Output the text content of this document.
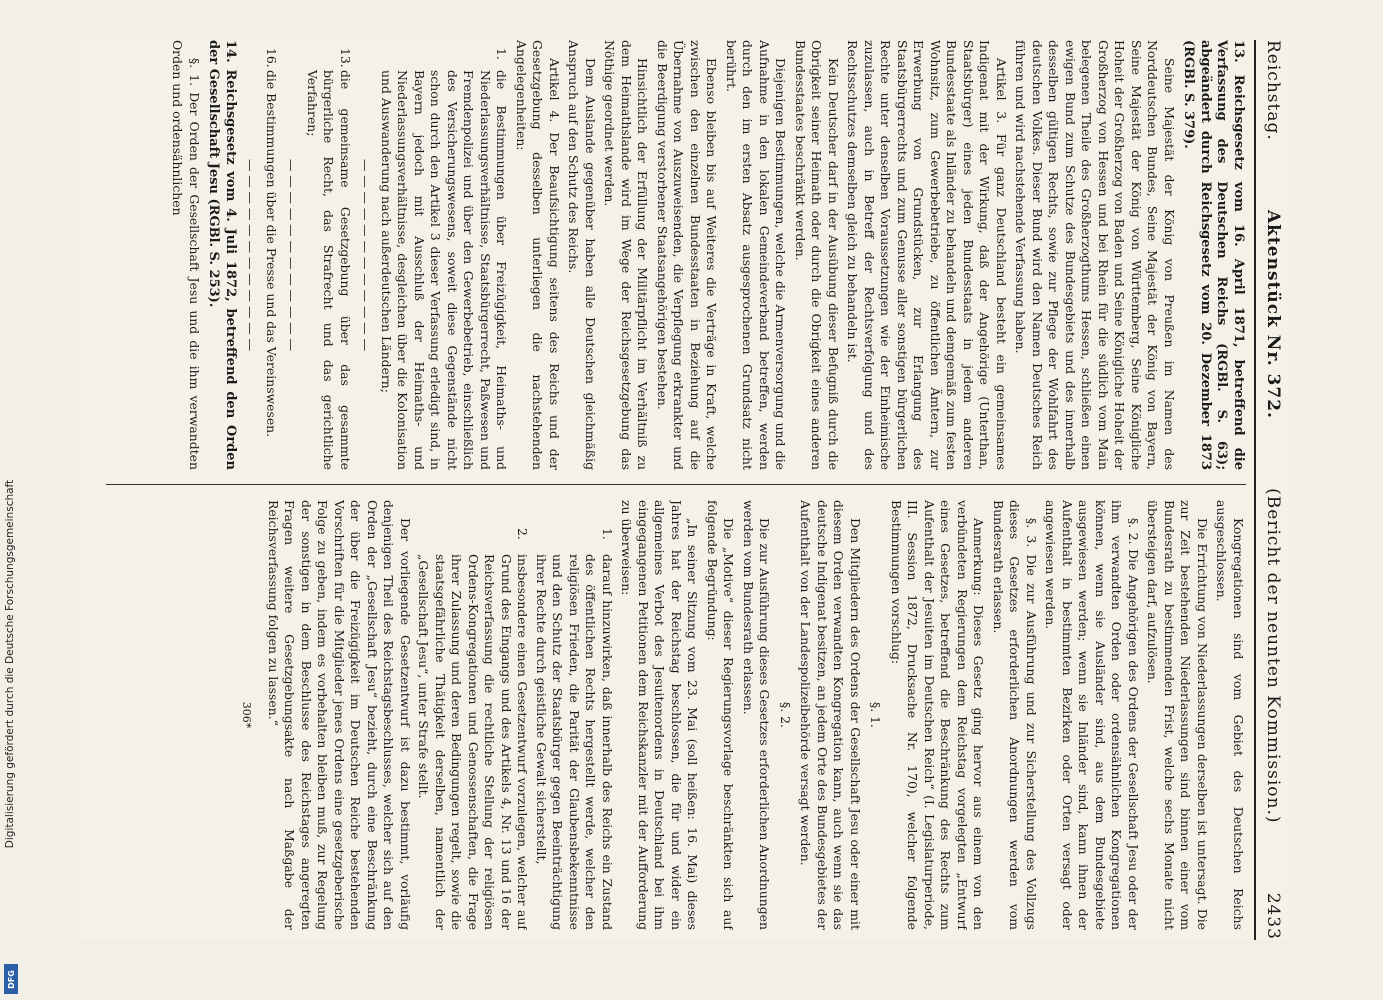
Digitalisierung gefördert durch die Deutsche Forschungsgemeinschaft
DFG
Reichstag.
Aktenstück Nr. 372.
(Bericht der neunten Kommission.)
2433

13. Reichsgesetz vom 16. April 1871, betreffend die Verfassung des Deutschen Reichs (RGBl. S. 63); abgeändert durch Reichsgesetz vom 20. Dezember 1873 (RGBl. S. 379).

Seine Majestät der König von Preußen im Namen des Norddeutschen Bundes, Seine Majestät der König von Bayern, Seine Majestät der König von Württemberg, Seine Königliche Hoheit der Großherzog von Baden und Seine Königliche Hoheit der Großherzog von Hessen und bei Rhein für die südlich vom Main belegenen Theile des Großherzogthums Hessen, schließen einen ewigen Bund zum Schutze des Bundesgebiets und des innerhalb desselben gültigen Rechts, sowie zur Pflege der Wohlfahrt des deutschen Volkes. Dieser Bund wird den Namen Deutsches Reich führen und wird nachstehende Verfassung haben.

Artikel 3. Für ganz Deutschland besteht ein gemeinsames Indigenat mit der Wirkung, daß der Angehörige (Unterthan, Staatsbürger) eines jeden Bundesstaats in jedem anderen Bundesstaate als Inländer zu behandeln und demgemäß zum festen Wohnsitz, zum Gewerbebetriebe, zu öffentlichen Ämtern, zur Erwerbung von Grundstücken, zur Erlangung des Staatsbürgerrechts und zum Genusse aller sonstigen bürgerlichen Rechte unter denselben Voraussetzungen wie der Einheimische zuzulassen, auch in Betreff der Rechtsverfolgung und des Rechtsschutzes demselben gleich zu behandeln ist.

Kein Deutscher darf in der Ausübung dieser Befugniß durch die Obrigkeit seiner Heimath oder durch die Obrigkeit eines anderen Bundesstaates beschränkt werden.

Diejenigen Bestimmungen, welche die Armenversorgung und die Aufnahme in den lokalen Gemeindeverband betreffen, werden durch den im ersten Absatz ausgesprochenen Grundsatz nicht berührt.

Ebenso bleiben bis auf Weiteres die Verträge in Kraft, welche zwischen den einzelnen Bundesstaaten in Beziehung auf die Übernahme von Auszuweisenden, die Verpflegung erkrankter und die Beerdigung verstorbener Staatsangehörigen bestehen.

Hinsichtlich der Erfüllung der Militärpflicht im Verhältniß zu dem Heimathslande wird im Wege der Reichsgesetzgebung das Nöthige geordnet werden.

Dem Auslande gegenüber haben alle Deutschen gleichmäßig Anspruch auf den Schutz des Reichs.

Artikel 4. Der Beaufsichtigung seitens des Reichs und der Gesetzgebung desselben unterliegen die nachstehenden Angelegenheiten:

1.
die Bestimmungen über Freizügigkeit, Heimaths- und Niederlassungsverhältnisse, Staatsbürgerrecht, Paßwesen und Fremdenpolizei und über den Gewerbebetrieb, einschließlich des Versicherungswesens, soweit diese Gegenstände nicht schon durch den Artikel 3 dieser Verfassung erledigt sind, in Bayern jedoch mit Ausschluß der Heimaths- und Niederlassungsverhältnisse, desgleichen über die Kolonisation und Auswanderung nach außerdeutschen Ländern;

— — — — — — — — — — — —

13.
die gemeinsame Gesetzgebung über das gesammte bürgerliche Recht, das Strafrecht und das gerichtliche Verfahren;

— — — — — — — — — — — —

16.
die Bestimmungen über die Presse und das Vereinswesen.

— — — — — — — — — — — —

14. Reichsgesetz vom 4. Juli 1872, betreffend den Orden der Gesellschaft Jesu (RGBl. S. 253).

§. 1. Der Orden der Gesellschaft Jesu und die ihm verwandten Orden und ordensähnlichen

Kongregationen sind vom Gebiet des Deutschen Reichs ausgeschlossen.

Die Errichtung von Niederlassungen derselben ist untersagt. Die zur Zeit bestehenden Niederlassungen sind binnen einer vom Bundesrath zu bestimmenden Frist, welche sechs Monate nicht übersteigen darf, aufzulösen.

§. 2. Die Angehörigen des Ordens der Gesellschaft Jesu oder der ihm verwandten Orden oder ordensähnlichen Kongregationen können, wenn sie Ausländer sind, aus dem Bundesgebiete ausgewiesen werden; wenn sie Inländer sind, kann ihnen der Aufenthalt in bestimmten Bezirken oder Orten versagt oder angewiesen werden.

§. 3. Die zur Ausführung und zur Sicherstellung des Vollzugs dieses Gesetzes erforderlichen Anordnungen werden vom Bundesrath erlassen.

Anmerkung: Dieses Gesetz ging hervor aus einem von den verbündeten Regierungen dem Reichstag vorgelegten „Entwurf eines Gesetzes, betreffend die Beschränkung des Rechts zum Aufenthalt der Jesuiten im Deutschen Reich“ (I. Legislaturperiode, III. Session 1872, Drucksache Nr. 170), welcher folgende Bestimmungen vorschlug:

§. 1.

Den Mitgliedern des Ordens der Gesellschaft Jesu oder einer mit diesem Orden verwandten Kongregation kann, auch wenn sie das deutsche Indigenat besitzen, an jedem Orte des Bundesgebietes der Aufenthalt von der Landespolizeibehörde versagt werden.

§. 2.

Die zur Ausführung dieses Gesetzes erforderlichen Anordnungen werden vom Bundesrath erlassen.

Die „Motive“ dieser Regierungsvorlage beschränkten sich auf folgende Begründung:

„In seiner Sitzung vom 23. Mai (soll heißen: 16. Mai) dieses Jahres hat der Reichstag beschlossen, die für und wider ein allgemeines Verbot des Jesuitenordens in Deutschland bei ihm eingegangenen Petitionen dem Reichskanzler mit der Aufforderung zu überweisen:

1.
darauf hinzuwirken, daß innerhalb des Reichs ein Zustand des öffentlichen Rechts hergestellt werde, welcher den religiösen Frieden, die Parität der Glaubensbekenntnisse und den Schutz der Staatsbürger gegen Beeinträchtigung ihrer Rechte durch geistliche Gewalt sicherstellt,

2.
insbesondere einen Gesetzentwurf vorzulegen, welcher auf Grund des Eingangs und des Artikels 4, Nr. 13 und 16 der Reichsverfassung die rechtliche Stellung der religiösen Ordens-Kongregationen und Genossenschaften, die Frage ihrer Zulassung und deren Bedingungen regelt, sowie die staatsgefährliche Thätigkeit derselben, namentlich der „Gesellschaft Jesu“, unter Strafe stellt.

Der vorliegende Gesetzentwurf ist dazu bestimmt, vorläufig denjenigen Theil des Reichstagsbeschlusses, welcher sich auf den Orden der „Gesellschaft Jesu“ bezieht, durch eine Beschränkung der über die Freizügigkeit im Deutschen Reiche bestehenden Vorschriften für die Mitglieder jenes Ordens eine gesetzgeberische Folge zu geben, indem es vorbehalten bleiben muß, zur Regelung der sonstigen in dem Beschlusse des Reichstages angeregten Fragen weitere Gesetzgebungsakte nach Maßgabe der Reichsverfassung folgen zu lassen.“

306*
